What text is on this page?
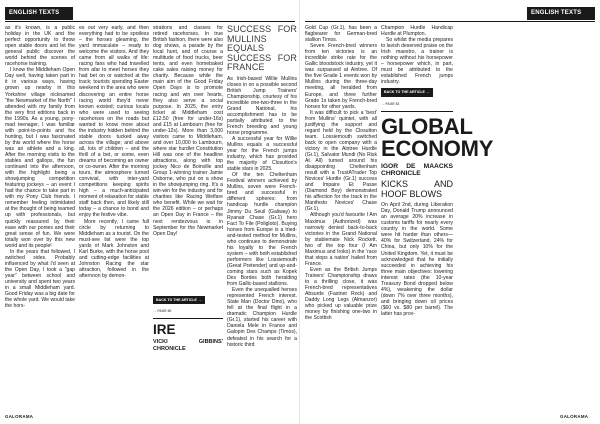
ENGLISH TEXTS

as it's known, is a public holiday in the UK and the perfect opportunity to throw open stable doors and let the general public discover the world behind the scenes of racehorse training.

I know the Middleham Open Day well, having taken part in it in various ways, having grown up nearby in this Yorkshire village nicknamed "the Newmarket of the North" I attended with my family from the very first editions back in the 1990s. As a young, pony-mad teenager, I was familiar with point-to-points and fox hunting, but I was fascinated by this world where the horse was an athlete and a king. After the morning visits to the stables and gallops, the fun continued into the afternoon, with the highlight being a showjumping competition featuring jockeys – an event I had the chance to take part in with my Pony Club friends. I remember feeling intimidated at the thought of being teamed up with professionals, but quickly reassured by their ease with our ponies and their great sense of fun. We were totally won over by this new world and its people!

In the years that followed, I switched sides. Probably influenced by what I'd seen at the Open Day, I took a "gap year" between school and university and spent two years in a small Middleham yard. Good Friday was a big date for the whole yard. We would take the hors-

es out very early, and then everything had to be spotless – the horses gleaming, the yard immaculate – ready to welcome the visitors. And they came from all walks of life: racing fans who had travelled from afar to meet horses they had bet on or watched at the track; tourists spending Easter weekend in the area who were discovering an entire horse racing world they'd never known existed; curious locals who were used to seeing racehorses on the roads but wanted to know more about the industry hidden behind the stable doors tucked away across the village; and above all, lots of children – and the thrill of a bet, or some, even dreams of becoming an owner or co-owner. After the morning tours, the atmosphere turned convivial, with inter-yard competitions keeping spirits high – a much-anticipated moment of relaxation for stable staff back then, and likely still today – a chance to bond and enjoy the festive vibe.

More recently, I came full circle by returning to Middleham as a tourist. On the must-see list were the top yards of Mark Johnston and Karl Burke, with the horse pool and cutting-edge facilities at Johnston Racing the star attraction, followed in the afternoon by demon-

strations and classes for retired racehorses. In true British fashion, there were also dog shows, a parade by the local hunt, and of course a multitude of food trucks, beer tents, and even homebaked cake sales raising money for charity. Because while the main aim of the Good Friday Open Days is to promote racing and win over hearts, they also serve a social purpose. In 2025, the entry ticket at Middleham cost £12.50 (free for under-16s) and £15 at Lambourn (free for under-12s). More than 3,000 visitors came to Middleham, and over 10,000 to Lambourn, where star hurdler Constitution Hill was one of the headline attractions, along with top jockey Nico de Boinville and Group 1-winning trainer Jamie Osborne, who put on a show in the showjumping ring. It's a win-win for the industry and for charities like Racing Welfare who benefit. While we wait for the 2026 edition – or perhaps an Open Day in France – the next rendezvous is in September for the Newmarket Open Day!

BACK TO THE ARTICLE →
→ PAGE 80
IRE
VICKI GIBBINS' CHRONICLE
SUCCESS FOR MULLINS EQUALS SUCCESS FOR FRANCE

As Irish-based Willie Mullins closes in on a possible second British Jump Trainers' Championship, courtesy of his incredible one-two-three in the Grand National, his accomplishment has to be partially attributed to the French breeding and young horse programme.

A successful year for Willie Mullins equals a successful year for the French jumps industry, which has provided the majority of Closutton's stable stars in 2025.

Of the ten Cheltenham Festival winners achieved by Mullins, seven were French-bred and successful in different spheres: from handicap hurdle champion Jimmy Du Seuil (Galiway) to Ryanair Chase (Gr.1) hero Fact To File (Poligloto). Buying horses from Europe is a tried-and-tested method for Mullins, who continues to demonstrate his loyalty to the French system – with both established performers like Lossiemouth (Great Pretender) and up-and-coming stars such as Kopek Des Bordes both heralding from Gallic-based stallions.

Even the unequalled heroes represented French interest. State Man (Doctor Dino), who fell at the final flight in a dramatic Champion Hurdle (Gr.1), started his career with Daniela Mele in France and Galopin Des Champs (Timos), defeated in his search for a historic third

GALORAMA
ENGLISH TEXTS

Gold Cup (Gr.1), has been a flagbearer for German-bred stallion Timos.

Seven French-bred winners from ten victories is an incredible strike rate for the Gallic bloodstock industry, yet it was surpassed at Aintree. Of the five Grade 1 events won by Mullins during the three-day meeting, all heralded from Europe, and three further Grade 1s taken by French-bred horses for other yards.

It was difficult to pick a 'best' from Mullins' quintet, with all justifying the support and regard held by the Closutton team. Lossiemouth switched back to open company with a victory in the Aintree Hurdle (Gr.1), Salvator Mundi (No Risk At All) turned around his disappointing Cheltenham result with a TrustATrader Top Novices' Hurdle (Gr.1) success and Impaire Et Passe (Diamond Boy) demonstrated his affection for the track in the Manifesto Novices' Chase (Gr.1).

Although you'd favourite I Am Maximus (Authorized) was narrowly denied back-to-back victories in the Grand National by stablemate Nick Rockett, two of the top four (I Am Maximus and Iroko) in the 'race that stops a nation' hailed from France.

Even as the British Jumps Trainers' Championship draws to a thrilling close, it was French-bred representatives Absurde (Fastnet Rock) and Daddy Long Legs (Almanzor) who picked up valuable prize money by finishing one-two in the Scottish

Champion Hurdle Handicap Hurdle at Plumpton.

So whilst the media prepares to lavish deserved praise on the Irish maestro, a trainer is nothing without his horsepower – horsepower which, in part, must be attributed to the established French jumps industry.

BACK TO THE ARTICLE →
→ PAGE 82
GLOBAL ECONOMY
IGOR DE MAACKS CHRONICLE
KICKS AND HOOF BLOWS

On April 2nd, during Liberation Day, Donald Trump announced an average 20% increase in customs tariffs for nearly every country in the world. Some were hit harder than others—40% for Switzerland, 24% for China, but only 10% for the United Kingdom. Yet, it must be acknowledged that he initially succeeded in achieving his three main objectives: lowering interest rates (the 10-year Treasury Bond dropped below 4%), weakening the dollar (down 7% over three months), and bringing down oil prices ($60 vs. $80 per barrel). The latter has prov-

GALORAMA
